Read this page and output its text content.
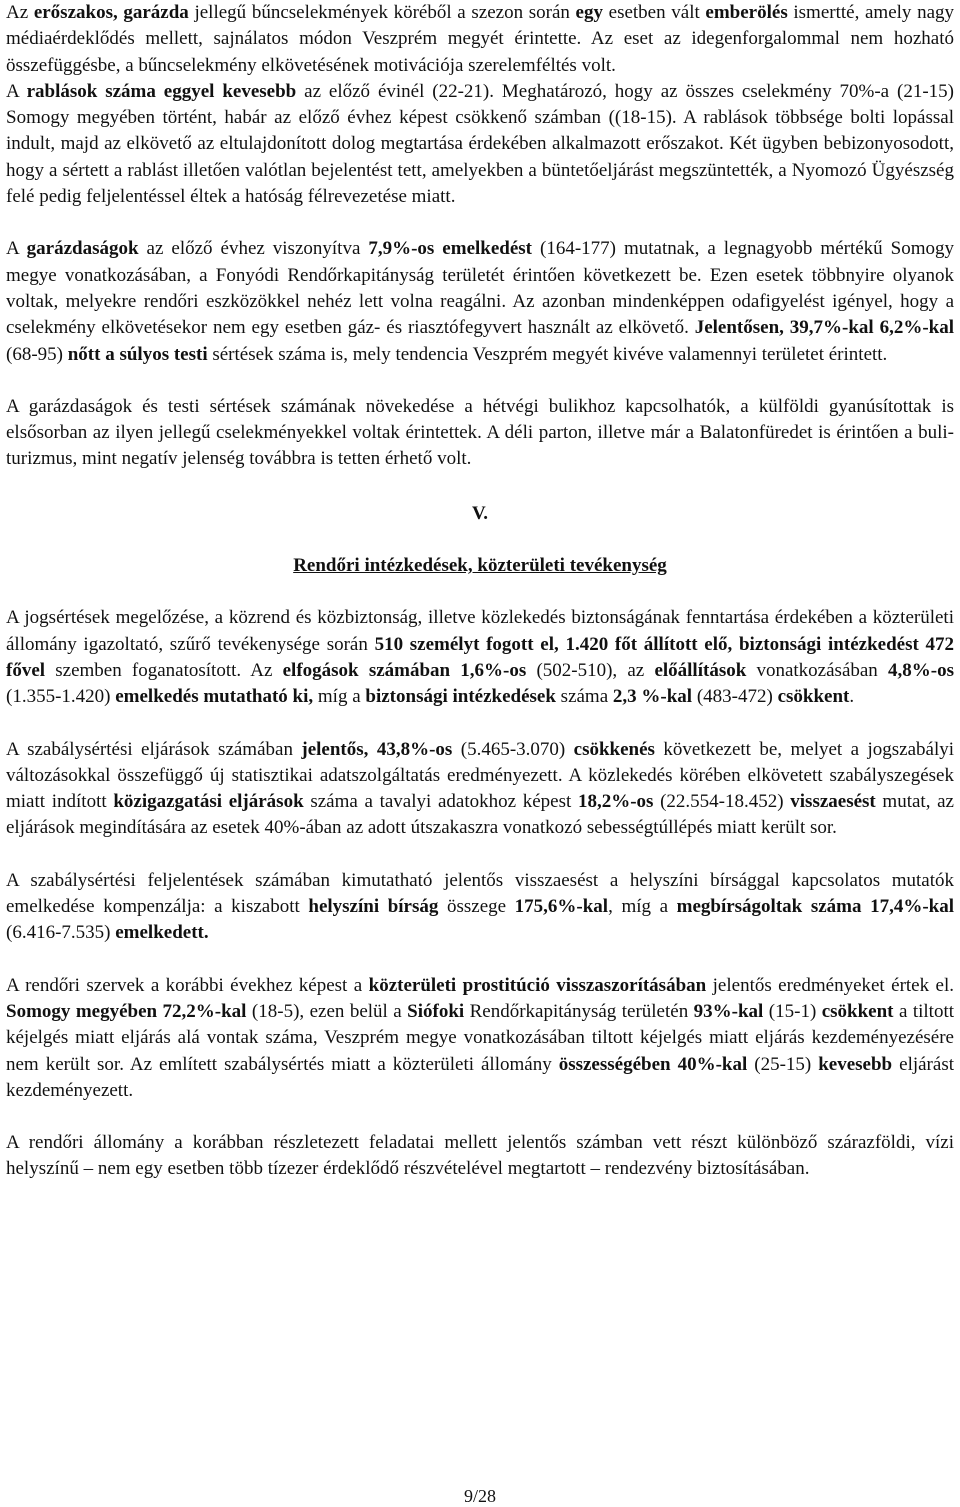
Az erőszakos, garázda jellegű bűncselekmények köréből a szezon során egy esetben vált emberölés ismertté, amely nagy médiaérdeklődés mellett, sajnálatos módon Veszprém megyét érintette. Az eset az idegenforgalommal nem hozható összefüggésbe, a bűncselekmény elkövetésének motivációja szerelemféltés volt.

A rablások száma eggyel kevesebb az előző évinél (22-21). Meghatározó, hogy az összes cselekmény 70%-a (21-15) Somogy megyében történt, habár az előző évhez képest csökkenő számban ((18-15). A rablások többsége bolti lopással indult, majd az elkövető az eltulajdonított dolog megtartása érdekében alkalmazott erőszakot. Két ügyben bebizonyosodott, hogy a sértett a rablást illetően valótlan bejelentést tett, amelyekben a büntetőeljárást megszüntették, a Nyomozó Ügyészség felé pedig feljelentéssel éltek a hatóság félrevezetése miatt.

A garázdaságok az előző évhez viszonyítva 7,9%-os emelkedést (164-177) mutatnak, a legnagyobb mértékű Somogy megye vonatkozásában, a Fonyódi Rendőrkapitányság területét érintően következett be. Ezen esetek többnyire olyanok voltak, melyekre rendőri eszközökkel nehéz lett volna reagálni. Az azonban mindenképpen odafigyelést igényel, hogy a cselekmény elkövetésekor nem egy esetben gáz- és riasztófegyvert használt az elkövető. Jelentősen, 39,7%-kal 6,2%-kal (68-95) nőtt a súlyos testi sértések száma is, mely tendencia Veszprém megyét kivéve valamennyi területet érintett.

A garázdaságok és testi sértések számának növekedése a hétvégi bulikhoz kapcsolhatók, a külföldi gyanúsítottak is elsősorban az ilyen jellegű cselekményekkel voltak érintettek. A déli parton, illetve már a Balatonfüredet is érintően a buli-turizmus, mint negatív jelenség továbbra is tetten érhető volt.

V.

Rendőri intézkedések, közterületi tevékenység

A jogsértések megelőzése, a közrend és közbiztonság, illetve közlekedés biztonságának fenntartása érdekében a közterületi állomány igazoltató, szűrő tevékenysége során 510 személyt fogott el, 1.420 főt állított elő, biztonsági intézkedést 472 fővel szemben foganatosított. Az elfogások számában 1,6%-os (502-510), az előállítások vonatkozásában 4,8%-os (1.355-1.420) emelkedés mutatható ki, míg a biztonsági intézkedések száma 2,3 %-kal (483-472) csökkent.

A szabálysértési eljárások számában jelentős, 43,8%-os (5.465-3.070) csökkenés következett be, melyet a jogszabályi változásokkal összefüggő új statisztikai adatszolgáltatás eredményezett. A közlekedés körében elkövetett szabályszegések miatt indított közigazgatási eljárások száma a tavalyi adatokhoz képest 18,2%-os (22.554-18.452) visszaesést mutat, az eljárások megindítására az esetek 40%-ában az adott útszakaszra vonatkozó sebességtúllépés miatt került sor.

A szabálysértési feljelentések számában kimutatható jelentős visszaesést a helyszíni bírsággal kapcsolatos mutatók emelkedése kompenzálja: a kiszabott helyszíni bírság összege 175,6%-kal, míg a megbírságoltak száma 17,4%-kal (6.416-7.535) emelkedett.

A rendőri szervek a korábbi évekhez képest a közterületi prostitúció visszaszorításában jelentős eredményeket értek el. Somogy megyében 72,2%-kal (18-5), ezen belül a Siófoki Rendőrkapitányság területén 93%-kal (15-1) csökkent a tiltott kéjelgés miatt eljárás alá vontak száma, Veszprém megye vonatkozásában tiltott kéjelgés miatt eljárás kezdeményezésére nem került sor. Az említett szabálysértés miatt a közterületi állomány összességében 40%-kal (25-15) kevesebb eljárást kezdeményezett.

A rendőri állomány a korábban részletezett feladatai mellett jelentős számban vett részt különböző szárazföldi, vízi helyszínű – nem egy esetben több tízezer érdeklődő részvételével megtartott – rendezvény biztosításában.

9/28
